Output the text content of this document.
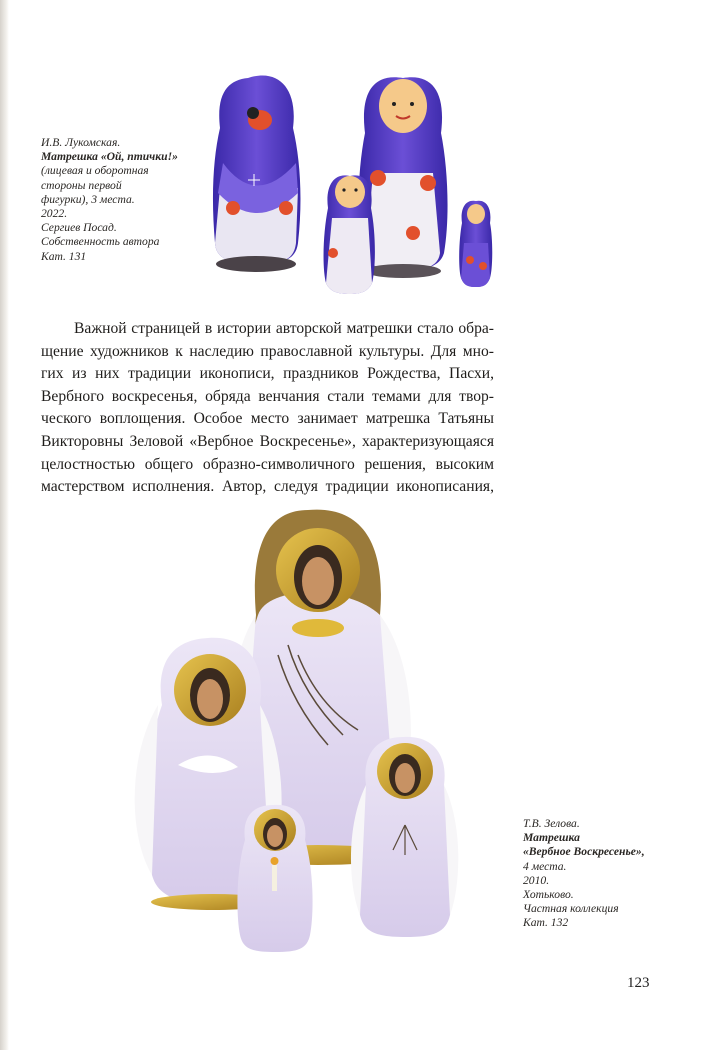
И.В. Лукомская.
Матрешка «Ой, птички!»
(лицевая и оборотная
стороны первой
фигурки), 3 места.
2022.
Сергиев Посад.
Собственность автора
Кат. 131
Важной страницей в истории авторской матрешки стало обра-
щение художников к наследию православной культуры. Для мно-
гих из них традиции иконописи, праздников Рождества, Пасхи,
Вербного воскресенья, обряда венчания стали темами для твор-
ческого воплощения. Особое место занимает матрешка Татьяны
Викторовны Зеловой «Вербное Воскресенье», характеризующаяся
целостностью общего образно-символичного решения, высоким
мастерством исполнения. Автор, следуя традиции иконописания,
Т.В. Зелова.
Матрешка
«Вербное Воскресенье»,
4 места.
2010.
Хотьково.
Частная коллекция
Кат. 132
123
